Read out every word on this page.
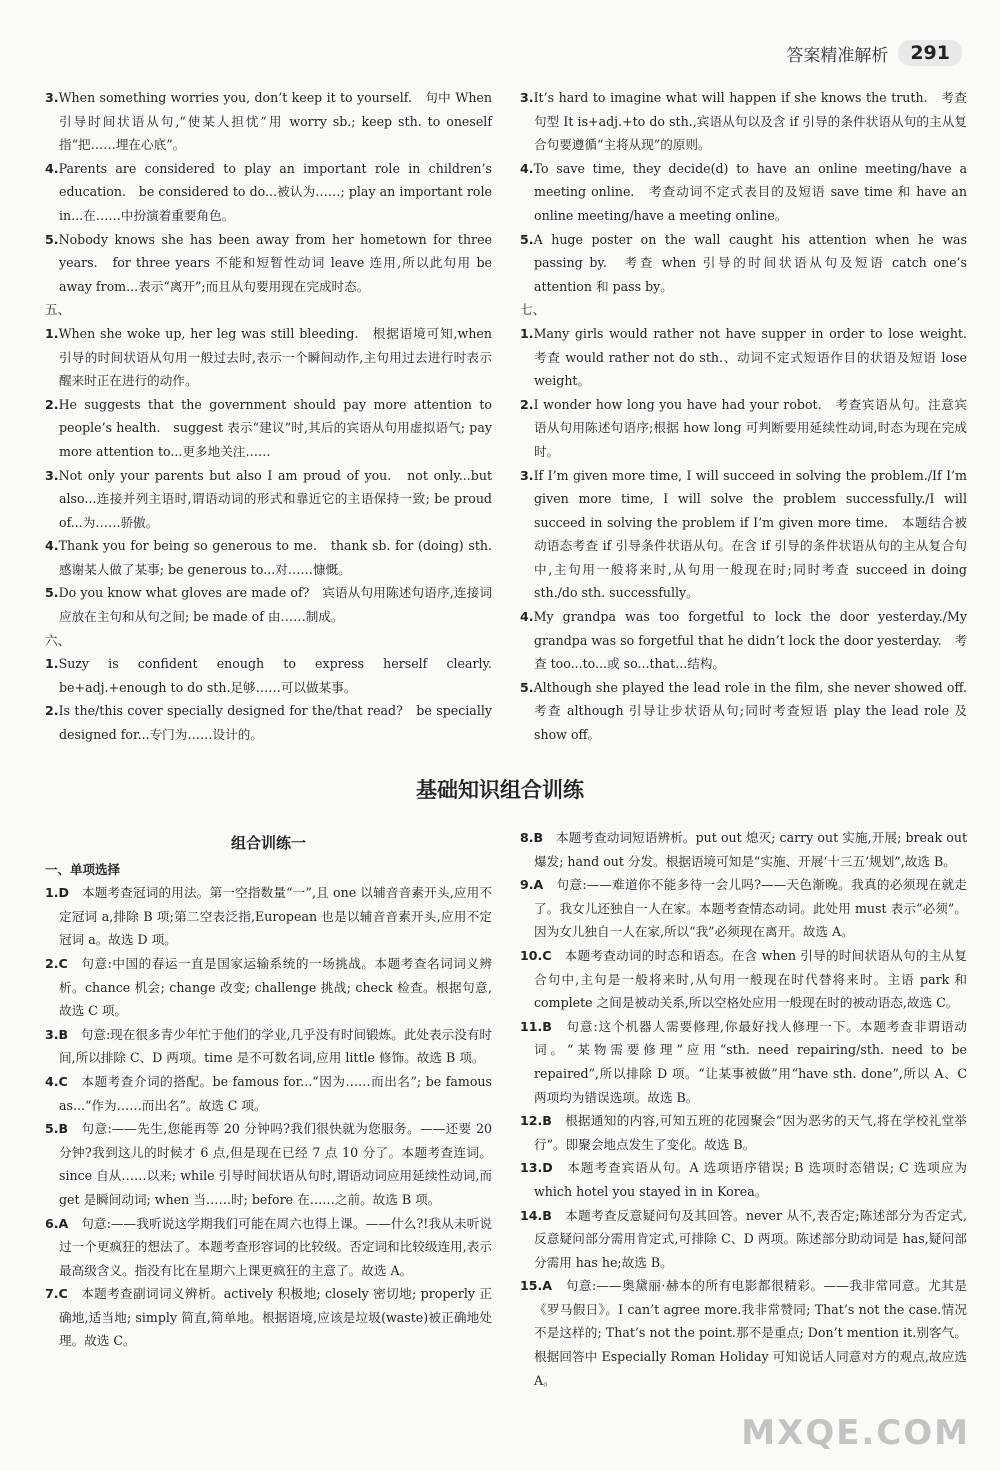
答案精准解析	291
3.When something worries you, don’t keep it to yourself.　句中 When 引导时间状语从句,“使某人担忧”用 worry sb.; keep sth. to oneself 指“把……埋在心底”。
4.Parents are considered to play an important role in children’s education.　be considered to do...被认为……; play an important role in...在……中扮演着重要角色。
5.Nobody knows she has been away from her hometown for three years.　for three years 不能和短暂性动词 leave 连用,所以此句用 be away from...表示“离开”;而且从句要用现在完成时态。
五、
1.When she woke up, her leg was still bleeding.　根据语境可知,when 引导的时间状语从句用一般过去时,表示一个瞬间动作,主句用过去进行时表示醒来时正在进行的动作。
2.He suggests that the government should pay more attention to people’s health.　suggest 表示“建议”时,其后的宾语从句用虚拟语气; pay more attention to...更多地关注……
3.Not only your parents but also I am proud of you.　not only...but also...连接并列主语时,谓语动词的形式和靠近它的主语保持一致; be proud of...为……骄傲。
4.Thank you for being so generous to me.　thank sb. for (doing) sth.感谢某人做了某事; be generous to...对……慷慨。
5.Do you know what gloves are made of?　宾语从句用陈述句语序,连接词应放在主句和从句之间; be made of 由……制成。
六、
1.Suzy is confident enough to express herself clearly.　be+adj.+enough to do sth.足够……可以做某事。
2.Is the/this cover specially designed for the/that read?　be specially designed for...专门为……设计的。
3.It’s hard to imagine what will happen if she knows the truth.　考查句型 It is+adj.+to do sth.,宾语从句以及含 if 引导的条件状语从句的主从复合句要遵循“主将从现”的原则。
4.To save time, they decide(d) to have an online meeting/have a meeting online.　考查动词不定式表目的及短语 save time 和 have an online meeting/have a meeting online。
5.A huge poster on the wall caught his attention when he was passing by.　考查 when 引导的时间状语从句及短语 catch one’s attention 和 pass by。
七、
1.Many girls would rather not have supper in order to lose weight.　考查 would rather not do sth.、动词不定式短语作目的状语及短语 lose weight。
2.I wonder how long you have had your robot.　考查宾语从句。注意宾语从句用陈述句语序;根据 how long 可判断要用延续性动词,时态为现在完成时。
3.If I’m given more time, I will succeed in solving the problem./If I’m given more time, I will solve the problem successfully./I will succeed in solving the problem if I’m given more time.　本题结合被动语态考查 if 引导条件状语从句。在含 if 引导的条件状语从句的主从复合句中,主句用一般将来时,从句用一般现在时;同时考查 succeed in doing sth./do sth. successfully。
4.My grandpa was too forgetful to lock the door yesterday./My grandpa was so forgetful that he didn’t lock the door yesterday.　考查 too...to...或 so...that...结构。
5.Although she played the lead role in the film, she never showed off.　考查 although 引导让步状语从句;同时考查短语 play the lead role 及 show off。
基础知识组合训练
组合训练一
一、单项选择
1.D　 本题考查冠词的用法。第一空指数量“一”,且 one 以辅音音素开头,应用不定冠词 a,排除 B 项;第二空表泛指,European 也是以辅音音素开头,应用不定冠词 a。故选 D 项。
2.C　 句意:中国的春运一直是国家运输系统的一场挑战。本题考查名词词义辨析。chance 机会; change 改变; challenge 挑战; check 检查。根据句意,故选 C 项。
3.B　 句意:现在很多青少年忙于他们的学业,几乎没有时间锻炼。此处表示没有时间,所以排除 C、D 两项。time 是不可数名词,应用 little 修饰。故选 B 项。
4.C　 本题考查介词的搭配。be famous for...“因为……而出名”; be famous as...“作为……而出名”。故选 C 项。
5.B　 句意:——先生,您能再等 20 分钟吗?我们很快就为您服务。——还要 20 分钟?我到这儿的时候才 6 点,但是现在已经 7 点 10 分了。本题考查连词。since 自从……以来; while 引导时间状语从句时,谓语动词应用延续性动词,而 get 是瞬间动词; when 当……时; before 在……之前。故选 B 项。
6.A　 句意:——我听说这学期我们可能在周六也得上课。——什么?!我从未听说过一个更疯狂的想法了。本题考查形容词的比较级。否定词和比较级连用,表示最高级含义。指没有比在星期六上课更疯狂的主意了。故选 A。
7.C　 本题考查副词词义辨析。actively 积极地; closely 密切地; properly 正确地,适当地; simply 简直,简单地。根据语境,应该是垃圾(waste)被正确地处理。故选 C。
8.B　 本题考查动词短语辨析。put out 熄灭; carry out 实施,开展; break out 爆发; hand out 分发。根据语境可知是“实施、开展‘十三五’规划”,故选 B。
9.A　 句意:——难道你不能多待一会儿吗?——天色渐晚。我真的必须现在就走了。我女儿还独自一人在家。本题考查情态动词。此处用 must 表示“必须”。因为女儿独自一人在家,所以“我”必须现在离开。故选 A。
10.C　 本题考查动词的时态和语态。在含 when 引导的时间状语从句的主从复合句中,主句是一般将来时,从句用一般现在时代替将来时。主语 park 和 complete 之间是被动关系,所以空格处应用一般现在时的被动语态,故选 C。
11.B　 句意:这个机器人需要修理,你最好找人修理一下。本题考查非谓语动词。“某物需要修理”应用“sth. need repairing/sth. need to be repaired”,所以排除 D 项。“让某事被做”用“have sth. done”,所以 A、C 两项均为错误选项。故选 B。
12.B　 根据通知的内容,可知五班的花园聚会“因为恶劣的天气,将在学校礼堂举行”。即聚会地点发生了变化。故选 B。
13.D　 本题考查宾语从句。A 选项语序错误; B 选项时态错误; C 选项应为 which hotel you stayed in in Korea。
14.B　 本题考查反意疑问句及其回答。never 从不,表否定;陈述部分为否定式,反意疑问部分需用肯定式,可排除 C、D 两项。陈述部分助动词是 has,疑问部分需用 has he;故选 B。
15.A　 句意:——奥黛丽·赫本的所有电影都很精彩。——我非常同意。尤其是《罗马假日》。I can’t agree more.我非常赞同; That’s not the case.情况不是这样的; That’s not the point.那不是重点; Don’t mention it.别客气。根据回答中 Especially Roman Holiday 可知说话人同意对方的观点,故应选 A。
MXQE.COM
